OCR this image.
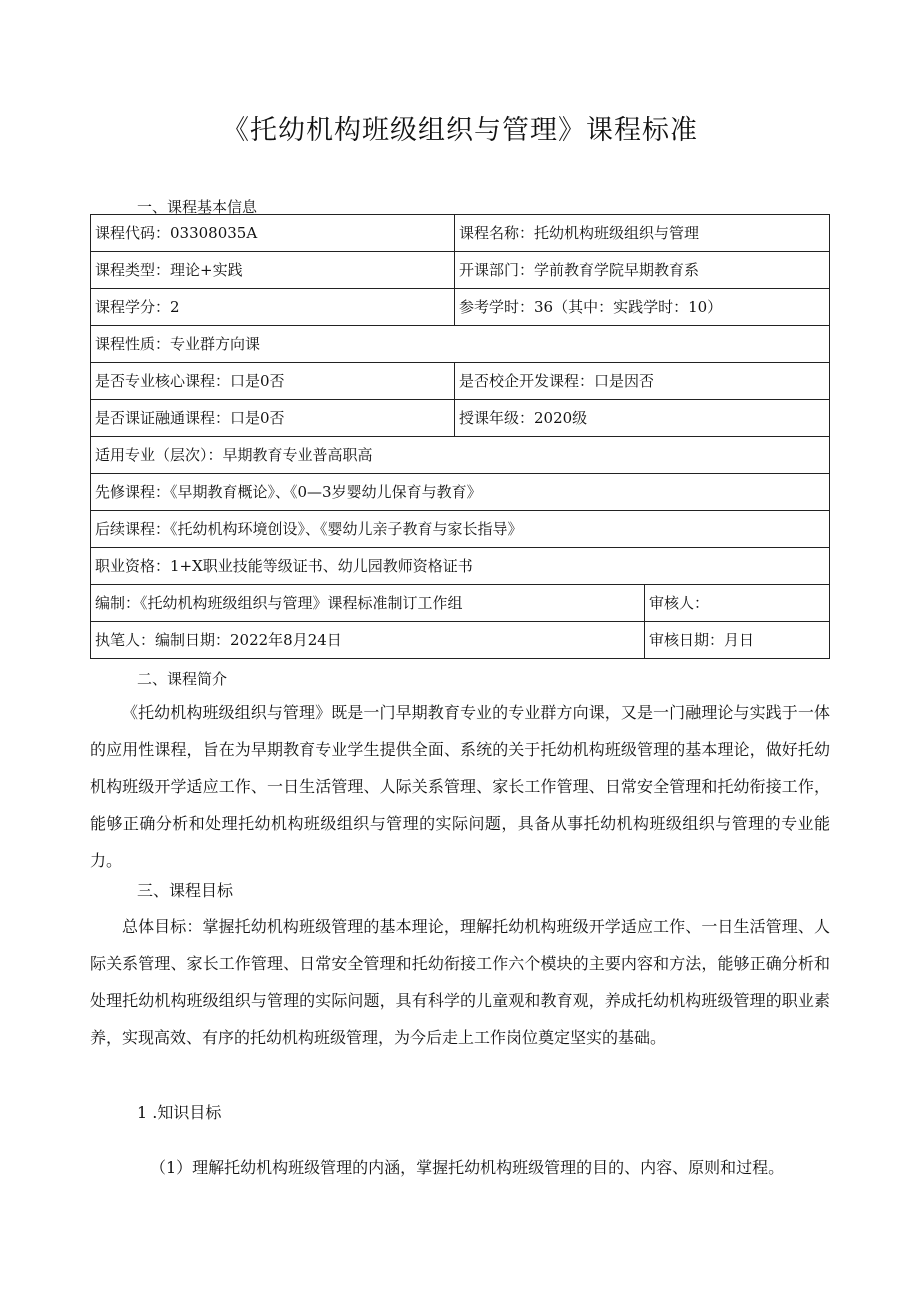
《托幼机构班级组织与管理》课程标准
一、课程基本信息
课程代码：03308035A	课程名称：托幼机构班级组织与管理	
课程类型：理论+实践	开课部门：学前教育学院早期教育系	
课程学分：2	参考学时：36（其中：实践学时：10）	
课程性质：专业群方向课		
是否专业核心课程：口是0否	是否校企开发课程：口是因否	
是否课证融通课程：口是0否	授课年级：2020级	
适用专业（层次）：早期教育专业普高职高		
先修课程：《早期教育概论》、《0—3岁婴幼儿保育与教育》		
后续课程：《托幼机构环境创设》、《婴幼儿亲子教育与家长指导》		
职业资格：1+X职业技能等级证书、幼儿园教师资格证书		
编制：《托幼机构班级组织与管理》课程标准制订工作组		审核人：
执笔人：编制日期：2022年8月24日		审核日期：月日
二、课程简介

《托幼机构班级组织与管理》既是一门早期教育专业的专业群方向课，又是一门融理论与实践于一体的应用性课程，旨在为早期教育专业学生提供全面、系统的关于托幼机构班级管理的基本理论，做好托幼机构班级开学适应工作、一日生活管理、人际关系管理、家长工作管理、日常安全管理和托幼衔接工作，能够正确分析和处理托幼机构班级组织与管理的实际问题，具备从事托幼机构班级组织与管理的专业能力。

三、课程目标

总体目标：掌握托幼机构班级管理的基本理论，理解托幼机构班级开学适应工作、一日生活管理、人际关系管理、家长工作管理、日常安全管理和托幼衔接工作六个模块的主要内容和方法，能够正确分析和处理托幼机构班级组织与管理的实际问题，具有科学的儿童观和教育观，养成托幼机构班级管理的职业素养，实现高效、有序的托幼机构班级管理，为今后走上工作岗位奠定坚实的基础。

1 .知识目标
（1）理解托幼机构班级管理的内涵，掌握托幼机构班级管理的目的、内容、原则和过程。
